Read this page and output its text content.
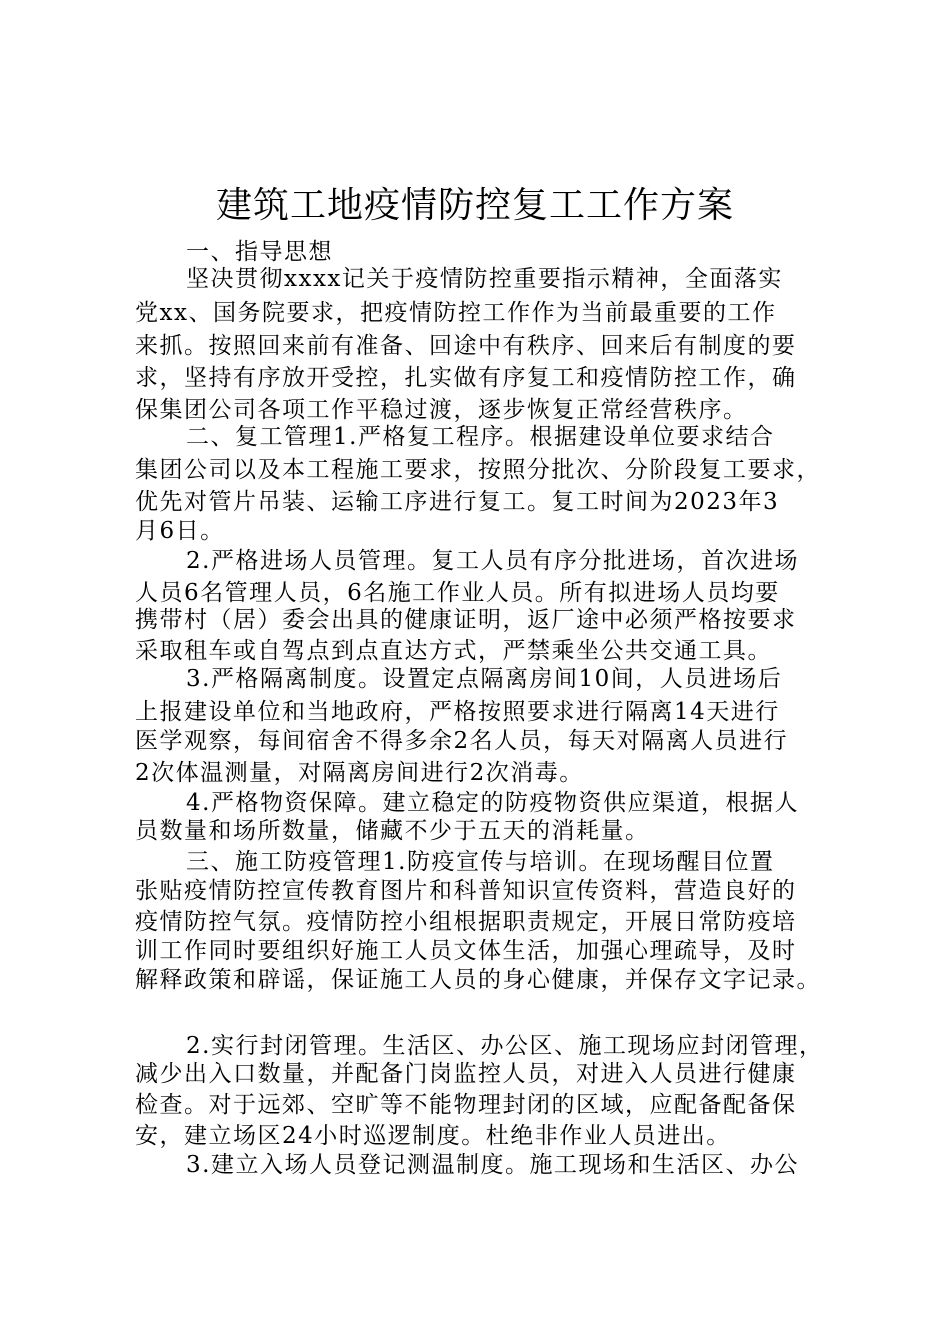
建筑工地疫情防控复工工作方案
一、指导思想
坚决贯彻xxxx记关于疫情防控重要指示精神，全面落实
党xx、国务院要求，把疫情防控工作作为当前最重要的工作
来抓。按照回来前有准备、回途中有秩序、回来后有制度的要
求，坚持有序放开受控，扎实做有序复工和疫情防控工作，确
保集团公司各项工作平稳过渡，逐步恢复正常经营秩序。
二、复工管理1.严格复工程序。根据建设单位要求结合
集团公司以及本工程施工要求，按照分批次、分阶段复工要求，
优先对管片吊装、运输工序进行复工。复工时间为2023年3
月6日。
2.严格进场人员管理。复工人员有序分批进场，首次进场
人员6名管理人员，6名施工作业人员。所有拟进场人员均要
携带村（居）委会出具的健康证明，返厂途中必须严格按要求
采取租车或自驾点到点直达方式，严禁乘坐公共交通工具。
3.严格隔离制度。设置定点隔离房间10间，人员进场后
上报建设单位和当地政府，严格按照要求进行隔离14天进行
医学观察，每间宿舍不得多余2名人员，每天对隔离人员进行
2次体温测量，对隔离房间进行2次消毒。
4.严格物资保障。建立稳定的防疫物资供应渠道，根据人
员数量和场所数量，储藏不少于五天的消耗量。
三、施工防疫管理1.防疫宣传与培训。在现场醒目位置
张贴疫情防控宣传教育图片和科普知识宣传资料，营造良好的
疫情防控气氛。疫情防控小组根据职责规定，开展日常防疫培
训工作同时要组织好施工人员文体生活，加强心理疏导，及时
解释政策和辟谣，保证施工人员的身心健康，并保存文字记录。
2.实行封闭管理。生活区、办公区、施工现场应封闭管理，
减少出入口数量，并配备门岗监控人员，对进入人员进行健康
检查。对于远郊、空旷等不能物理封闭的区域，应配备配备保
安，建立场区24小时巡逻制度。杜绝非作业人员进出。
3.建立入场人员登记测温制度。施工现场和生活区、办公
